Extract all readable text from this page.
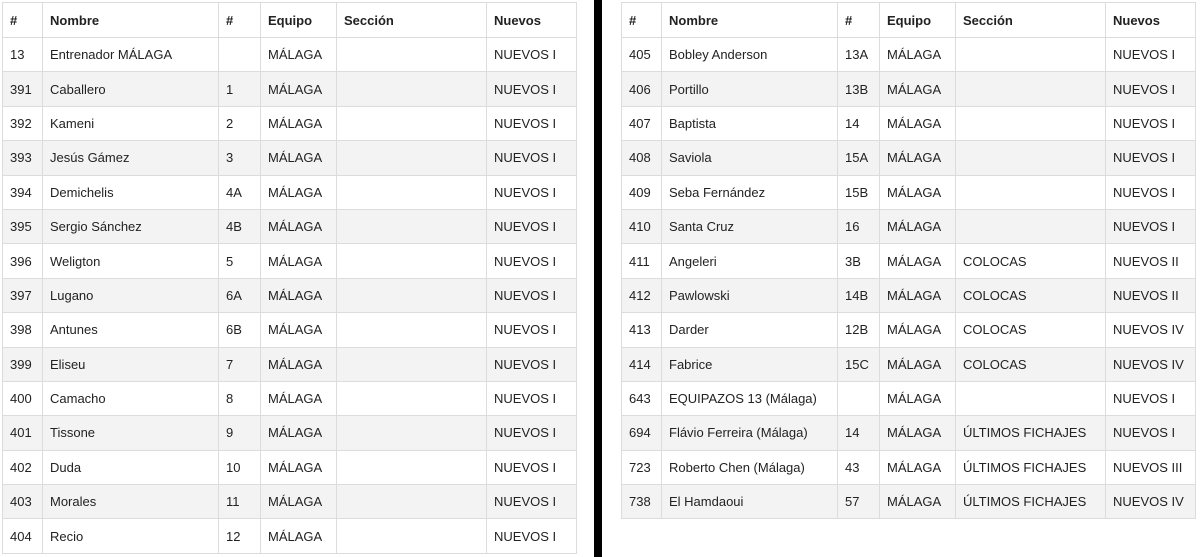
#	Nombre	#	Equipo	Sección	Nuevos
13	Entrenador MÁLAGA		MÁLAGA		NUEVOS I
391	Caballero	1	MÁLAGA		NUEVOS I
392	Kameni	2	MÁLAGA		NUEVOS I
393	Jesús Gámez	3	MÁLAGA		NUEVOS I
394	Demichelis	4A	MÁLAGA		NUEVOS I
395	Sergio Sánchez	4B	MÁLAGA		NUEVOS I
396	Weligton	5	MÁLAGA		NUEVOS I
397	Lugano	6A	MÁLAGA		NUEVOS I
398	Antunes	6B	MÁLAGA		NUEVOS I
399	Eliseu	7	MÁLAGA		NUEVOS I
400	Camacho	8	MÁLAGA		NUEVOS I
401	Tissone	9	MÁLAGA		NUEVOS I
402	Duda	10	MÁLAGA		NUEVOS I
403	Morales	11	MÁLAGA		NUEVOS I
404	Recio	12	MÁLAGA		NUEVOS I
#	Nombre	#	Equipo	Sección	Nuevos
405	Bobley Anderson	13A	MÁLAGA		NUEVOS I
406	Portillo	13B	MÁLAGA		NUEVOS I
407	Baptista	14	MÁLAGA		NUEVOS I
408	Saviola	15A	MÁLAGA		NUEVOS I
409	Seba Fernández	15B	MÁLAGA		NUEVOS I
410	Santa Cruz	16	MÁLAGA		NUEVOS I
411	Angeleri	3B	MÁLAGA	COLOCAS	NUEVOS II
412	Pawlowski	14B	MÁLAGA	COLOCAS	NUEVOS II
413	Darder	12B	MÁLAGA	COLOCAS	NUEVOS IV
414	Fabrice	15C	MÁLAGA	COLOCAS	NUEVOS IV
643	EQUIPAZOS 13 (Málaga)		MÁLAGA		NUEVOS I
694	Flávio Ferreira (Málaga)	14	MÁLAGA	ÚLTIMOS FICHAJES	NUEVOS I
723	Roberto Chen (Málaga)	43	MÁLAGA	ÚLTIMOS FICHAJES	NUEVOS III
738	El Hamdaoui	57	MÁLAGA	ÚLTIMOS FICHAJES	NUEVOS IV
